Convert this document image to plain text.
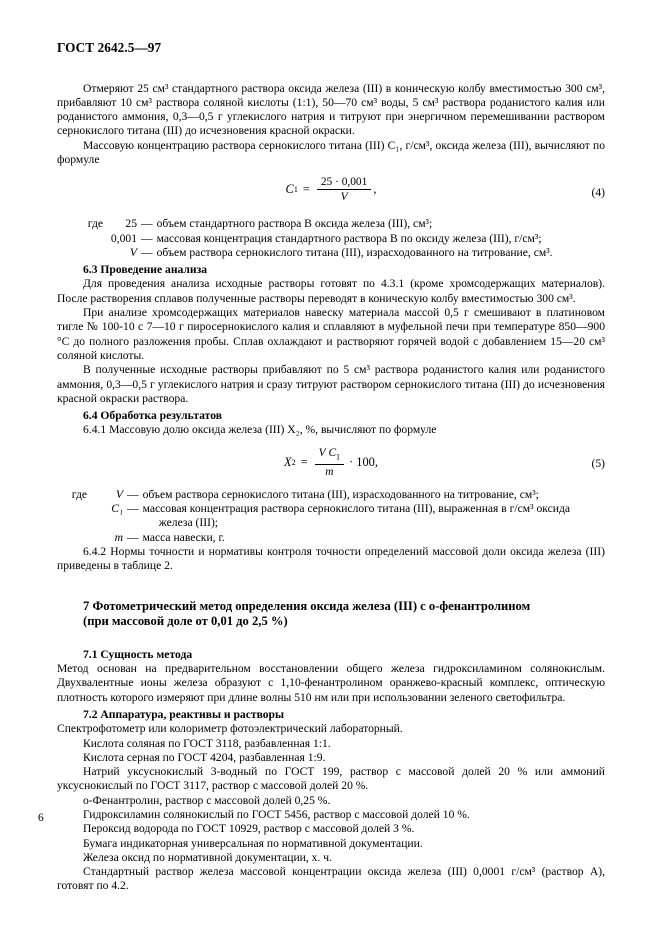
ГОСТ 2642.5—97

Отмеряют 25 см³ стандартного раствора оксида железа (III) в коническую колбу вместимостью 300 см³, прибавляют 10 см³ раствора соляной кислоты (1:1), 50—70 см³ воды, 5 см³ раствора роданистого калия или роданистого аммония, 0,3—0,5 г углекислого натрия и титруют при энергичном перемешивании раствором сернокислого титана (III) до исчезновения красной окраски.

Массовую концентрацию раствора сернокислого титана (III) C₁, г/см³, оксида железа (III), вычисляют по формуле

C $1 = \frac{25 \cdot 0,001}{V}$ ,	(4)
где	25 — объем стандартного раствора В оксида железа (III), см³;
0,001 — массовая концентрация стандартного раствора В по оксиду железа (III), г/см³;
V — объем раствора сернокислого титана (III), израсходованного на титрование, см³.
6.3 Проведение анализа

Для проведения анализа исходные растворы готовят по 4.3.1 (кроме хромсодержащих материалов). После растворения сплавов полученные растворы переводят в коническую колбу вместимостью 300 см³.

При анализе хромсодержащих материалов навеску материала массой 0,5 г смешивают в платиновом тигле № 100-10 с 7—10 г пиросернокислого калия и сплавляют в муфельной печи при температуре 850—900 °С до полного разложения пробы. Сплав охлаждают и растворяют горячей водой с добавлением 15—20 см³ соляной кислоты.

В полученные исходные растворы прибавляют по 5 см³ раствора роданистого калия или роданистого аммония, 0,3—0,5 г углекислого натрия и сразу титруют раствором сернокислого титана (III) до исчезновения красной окраски раствора.

6.4 Обработка результатов

6.4.1 Массовую долю оксида железа (III) X₂, %, вычисляют по формуле

X $2 = \frac{V C_1}{m} \cdot 100$,	(5)
где	V — объем раствора сернокислого титана (III), израсходованного на титрование, см³;
C₁ — массовая концентрация раствора сернокислого титана (III), выраженная в г/см³ оксида

железа (III);
m — масса навески, г.

6.4.2 Нормы точности и нормативы контроля точности определений массовой доли оксида железа (III) приведены в таблице 2.

7 Фотометрический метод определения оксида железа (III) с о-фенантролином
(при массовой доле от 0,01 до 2,5 %)
7.1 Сущность метода

Метод основан на предварительном восстановлении общего железа гидроксиламином солянокислым. Двухвалентные ионы железа образуют с 1,10-фенантролином оранжево-красный комплекс, оптическую плотность которого измеряют при длине волны 510 нм или при использовании зеленого светофильтра.

7.2 Аппаратура, реактивы и растворы

Спектрофотометр или колориметр фотоэлектрический лабораторный.

Кислота соляная по ГОСТ 3118, разбавленная 1:1.

Кислота серная по ГОСТ 4204, разбавленная 1:9.

Натрий уксуснокислый 3-водный по ГОСТ 199, раствор с массовой долей 20 % или аммоний уксуснокислый по ГОСТ 3117, раствор с массовой долей 20 %.

о-Фенантролин, раствор с массовой долей 0,25 %.

Гидроксиламин солянокислый по ГОСТ 5456, раствор с массовой долей 10 %.

Пероксид водорода по ГОСТ 10929, раствор с массовой долей 3 %.

Бумага индикаторная универсальная по нормативной документации.

Железа оксид по нормативной документации, х. ч.

Стандартный раствор железа массовой концентрации оксида железа (III) 0,0001 г/см³ (раствор А), готовят по 4.2.

6
